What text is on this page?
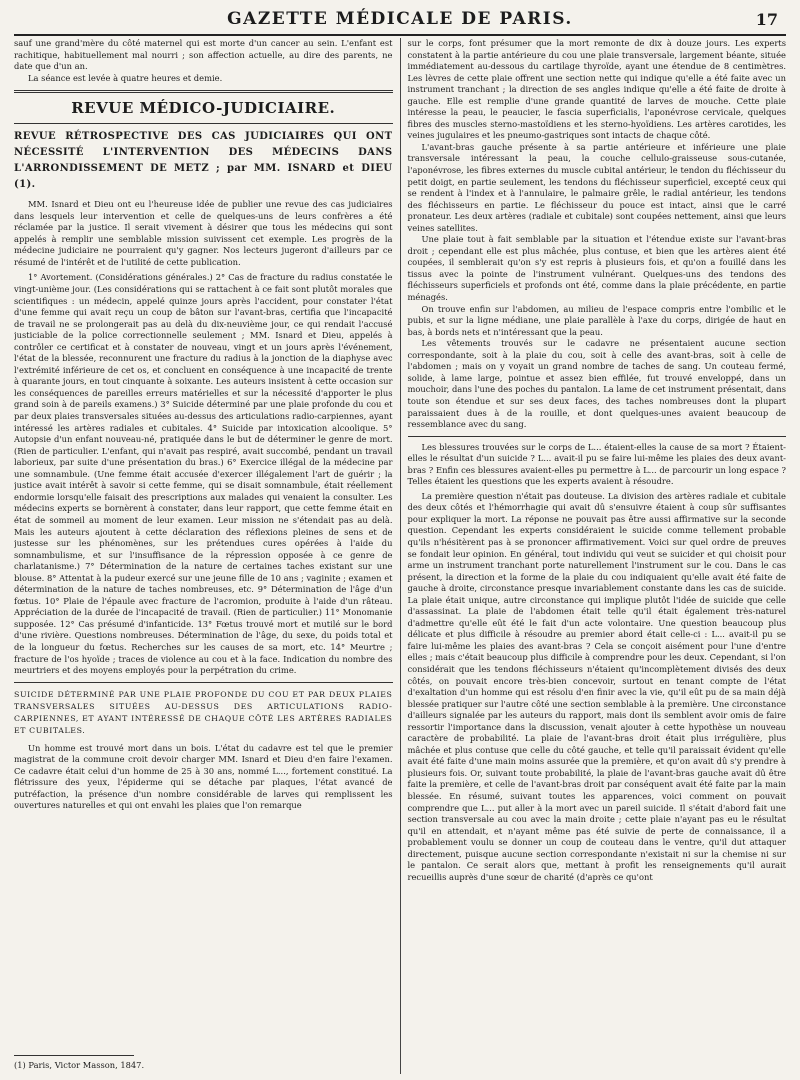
GAZETTE MÉDICALE DE PARIS.	17

sauf une grand'mère du côté maternel qui est morte d'un cancer au sein. L'enfant est rachitique, habituellement mal nourri ; son affection actuelle, au dire des parents, ne date que d'un an.

La séance est levée à quatre heures et demie.

REVUE MÉDICO-JUDICIAIRE.
REVUE RÉTROSPECTIVE DES CAS JUDICIAIRES QUI ONT NÉCESSITÉ L'INTERVENTION DES MÉDECINS DANS L'ARRONDISSEMENT DE METZ ; par MM. ISNARD et DIEU (1).

MM. Isnard et Dieu ont eu l'heureuse idée de publier une revue des cas judiciaires dans lesquels leur intervention et celle de quelques-uns de leurs confrères a été réclamée par la justice. Il serait vivement à désirer que tous les médecins qui sont appelés à remplir une semblable mission suivissent cet exemple. Les progrès de la médecine judiciaire ne pourraient qu'y gagner. Nos lecteurs jugeront d'ailleurs par ce résumé de l'intérêt et de l'utilité de cette publication.

1° Avortement. (Considérations générales.) 2° Cas de fracture du radius constatée le vingt-unième jour. (Les considérations qui se rattachent à ce fait sont plutôt morales que scientifiques : un médecin, appelé quinze jours après l'accident, pour constater l'état d'une femme qui avait reçu un coup de bâton sur l'avant-bras, certifia que l'incapacité de travail ne se prolongerait pas au delà du dix-neuvième jour, ce qui rendait l'accusé justiciable de la police correctionnelle seulement ; MM. Isnard et Dieu, appelés à contrôler ce certificat et à constater de nouveau, vingt et un jours après l'événement, l'état de la blessée, reconnurent une fracture du radius à la jonction de la diaphyse avec l'extrémité inférieure de cet os, et concluent en conséquence à une incapacité de trente à quarante jours, en tout cinquante à soixante. Les auteurs insistent à cette occasion sur les conséquences de pareilles erreurs matérielles et sur la nécessité d'apporter le plus grand soin à de pareils examens.) 3° Suicide déterminé par une plaie profonde du cou et par deux plaies transversales situées au-dessus des articulations radio-carpiennes, ayant intéressé les artères radiales et cubitales. 4° Suicide par intoxication alcoolique. 5° Autopsie d'un enfant nouveau-né, pratiquée dans le but de déterminer le genre de mort. (Rien de particulier. L'enfant, qui n'avait pas respiré, avait succombé, pendant un travail laborieux, par suite d'une présentation du bras.) 6° Exercice illégal de la médecine par une somnambule. (Une femme était accusée d'exercer illégalement l'art de guérir ; la justice avait intérêt à savoir si cette femme, qui se disait somnambule, était réellement endormie lorsqu'elle faisait des prescriptions aux malades qui venaient la consulter. Les médecins experts se bornèrent à constater, dans leur rapport, que cette femme était en état de sommeil au moment de leur examen. Leur mission ne s'étendait pas au delà. Mais les auteurs ajoutent à cette déclaration des réflexions pleines de sens et de justesse sur les phénomènes, sur les prétendues cures opérées à l'aide du somnambulisme, et sur l'insuffisance de la répression opposée à ce genre de charlatanisme.) 7° Détermination de la nature de certaines taches existant sur une blouse. 8° Attentat à la pudeur exercé sur une jeune fille de 10 ans ; vaginite ; examen et détermination de la nature de taches nombreuses, etc. 9° Détermination de l'âge d'un fœtus. 10° Plaie de l'épaule avec fracture de l'acromion, produite à l'aide d'un râteau. Appréciation de la durée de l'incapacité de travail. (Rien de particulier.) 11° Monomanie supposée. 12° Cas présumé d'infanticide. 13° Fœtus trouvé mort et mutilé sur le bord d'une rivière. Questions nombreuses. Détermination de l'âge, du sexe, du poids total et de la longueur du fœtus. Recherches sur les causes de sa mort, etc. 14° Meurtre ; fracture de l'os hyoïde ; traces de violence au cou et à la face. Indication du nombre des meurtriers et des moyens employés pour la perpétration du crime.

SUICIDE DÉTERMINÉ PAR UNE PLAIE PROFONDE DU COU ET PAR DEUX PLAIES TRANSVERSALES SITUÉES AU-DESSUS DES ARTICULATIONS RADIO-CARPIENNES, ET AYANT INTÉRESSÉ DE CHAQUE CÔTÉ LES ARTÈRES RADIALES ET CUBITALES.

Un homme est trouvé mort dans un bois. L'état du cadavre est tel que le premier magistrat de la commune croit devoir charger MM. Isnard et Dieu d'en faire l'examen. Ce cadavre était celui d'un homme de 25 à 30 ans, nommé L..., fortement constitué. La flétrissure des yeux, l'épiderme qui se détache par plaques, l'état avancé de putréfaction, la présence d'un nombre considérable de larves qui remplissent les ouvertures naturelles et qui ont envahi les plaies que l'on remarque

(1) Paris, Victor Masson, 1847.

sur le corps, font présumer que la mort remonte de dix à douze jours. Les experts constatent à la partie antérieure du cou une plaie transversale, largement béante, située immédiatement au-dessous du cartilage thyroïde, ayant une étendue de 8 centimètres. Les lèvres de cette plaie offrent une section nette qui indique qu'elle a été faite avec un instrument tranchant ; la direction de ses angles indique qu'elle a été faite de droite à gauche. Elle est remplie d'une grande quantité de larves de mouche. Cette plaie intéresse la peau, le peaucier, le fascia superficialis, l'aponévrose cervicale, quelques fibres des muscles sterno-mastoïdiens et les sterno-hyoïdiens. Les artères carotides, les veines jugulaires et les pneumo-gastriques sont intacts de chaque côté.

L'avant-bras gauche présente à sa partie antérieure et inférieure une plaie transversale intéressant la peau, la couche cellulo-graisseuse sous-cutanée, l'aponévrose, les fibres externes du muscle cubital antérieur, le tendon du fléchisseur du petit doigt, en partie seulement, les tendons du fléchisseur superficiel, excepté ceux qui se rendent à l'index et à l'annulaire, le palmaire grêle, le radial antérieur, les tendons des fléchisseurs en partie. Le fléchisseur du pouce est intact, ainsi que le carré pronateur. Les deux artères (radiale et cubitale) sont coupées nettement, ainsi que leurs veines satellites.

Une plaie tout à fait semblable par la situation et l'étendue existe sur l'avant-bras droit ; cependant elle est plus mâchée, plus contuse, et bien que les artères aient été coupées, il semblerait qu'on s'y est repris à plusieurs fois, et qu'on a fouillé dans les tissus avec la pointe de l'instrument vulnérant. Quelques-uns des tendons des fléchisseurs superficiels et profonds ont été, comme dans la plaie précédente, en partie ménagés.

On trouve enfin sur l'abdomen, au milieu de l'espace compris entre l'ombilic et le pubis, et sur la ligne médiane, une plaie parallèle à l'axe du corps, dirigée de haut en bas, à bords nets et n'intéressant que la peau.

Les vêtements trouvés sur le cadavre ne présentaient aucune section correspondante, soit à la plaie du cou, soit à celle des avant-bras, soit à celle de l'abdomen ; mais on y voyait un grand nombre de taches de sang. Un couteau fermé, solide, à lame large, pointue et assez bien effilée, fut trouvé enveloppé, dans un mouchoir, dans l'une des poches du pantalon. La lame de cet instrument présentait, dans toute son étendue et sur ses deux faces, des taches nombreuses dont la plupart paraissaient dues à de la rouille, et dont quelques-unes avaient beaucoup de ressemblance avec du sang.

Les blessures trouvées sur le corps de L... étaient-elles la cause de sa mort ? Étaient-elles le résultat d'un suicide ? L... avait-il pu se faire lui-même les plaies des deux avant-bras ? Enfin ces blessures avaient-elles pu permettre à L... de parcourir un long espace ? Telles étaient les questions que les experts avaient à résoudre.

La première question n'était pas douteuse. La division des artères radiale et cubitale des deux côtés et l'hémorrhagie qui avait dû s'ensuivre étaient à coup sûr suffisantes pour expliquer la mort. La réponse ne pouvait pas être aussi affirmative sur la seconde question. Cependant les experts considéraient le suicide comme tellement probable qu'ils n'hésitèrent pas à se prononcer affirmativement. Voici sur quel ordre de preuves se fondait leur opinion. En général, tout individu qui veut se suicider et qui choisit pour arme un instrument tranchant porte naturellement l'instrument sur le cou. Dans le cas présent, la direction et la forme de la plaie du cou indiquaient qu'elle avait été faite de gauche à droite, circonstance presque invariablement constante dans les cas de suicide. La plaie était unique, autre circonstance qui implique plutôt l'idée de suicide que celle d'assassinat. La plaie de l'abdomen était telle qu'il était également très-naturel d'admettre qu'elle eût été le fait d'un acte volontaire. Une question beaucoup plus délicate et plus difficile à résoudre au premier abord était celle-ci : L... avait-il pu se faire lui-même les plaies des avant-bras ? Cela se conçoit aisément pour l'une d'entre elles ; mais c'était beaucoup plus difficile à comprendre pour les deux. Cependant, si l'on considérait que les tendons fléchisseurs n'étaient qu'incomplètement divisés des deux côtés, on pouvait encore très-bien concevoir, surtout en tenant compte de l'état d'exaltation d'un homme qui est résolu d'en finir avec la vie, qu'il eût pu de sa main déjà blessée pratiquer sur l'autre côté une section semblable à la première. Une circonstance d'ailleurs signalée par les auteurs du rapport, mais dont ils semblent avoir omis de faire ressortir l'importance dans la discussion, venait ajouter à cette hypothèse un nouveau caractère de probabilité. La plaie de l'avant-bras droit était plus irrégulière, plus mâchée et plus contuse que celle du côté gauche, et telle qu'il paraissait évident qu'elle avait été faite d'une main moins assurée que la première, et qu'on avait dû s'y prendre à plusieurs fois. Or, suivant toute probabilité, la plaie de l'avant-bras gauche avait dû être faite la première, et celle de l'avant-bras droit par conséquent avait été faite par la main blessée. En résumé, suivant toutes les apparences, voici comment on pouvait comprendre que L... put aller à la mort avec un pareil suicide. Il s'était d'abord fait une section transversale au cou avec la main droite ; cette plaie n'ayant pas eu le résultat qu'il en attendait, et n'ayant même pas été suivie de perte de connaissance, il a probablement voulu se donner un coup de couteau dans le ventre, qu'il dut attaquer directement, puisque aucune section correspondante n'existait ni sur la chemise ni sur le pantalon. Ce serait alors que, mettant à profit les renseignements qu'il aurait recueillis auprès d'une sœur de charité (d'après ce qu'ont
